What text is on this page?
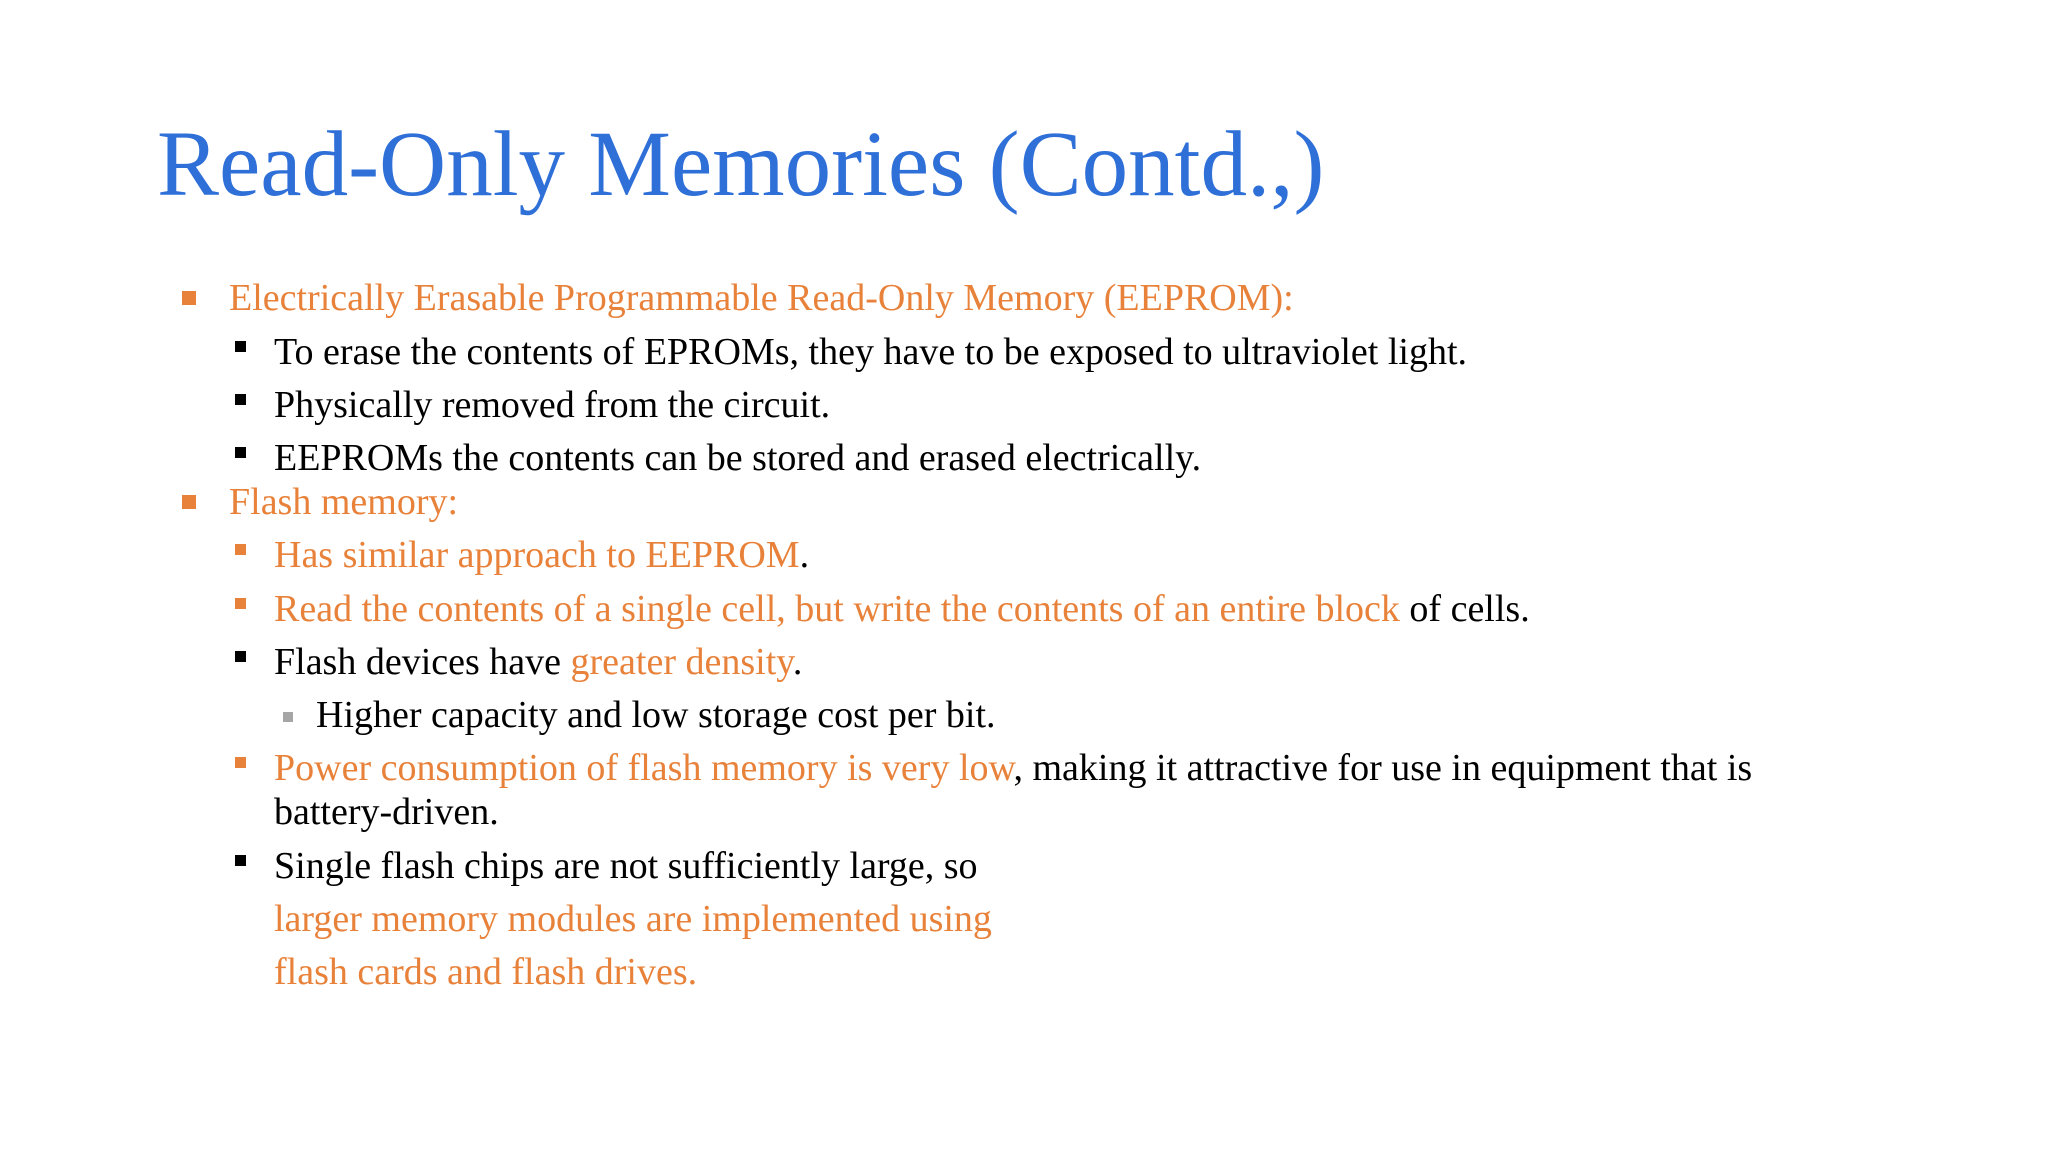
Read-Only Memories (Contd.,)
Electrically Erasable Programmable Read-Only Memory (EEPROM):
To erase the contents of EPROMs, they have to be exposed to ultraviolet light.
Physically removed from the circuit.
EEPROMs the contents can be stored and erased electrically.
Flash memory:
Has similar approach to EEPROM.
Read the contents of a single cell, but write the contents of an entire block of cells.
Flash devices have greater density.
Higher capacity and low storage cost per bit.
Power consumption of flash memory is very low, making it attractive for use in equipment that is
battery-driven.
Single flash chips are not sufficiently large, so
larger memory modules are implemented using
flash cards and flash drives.
